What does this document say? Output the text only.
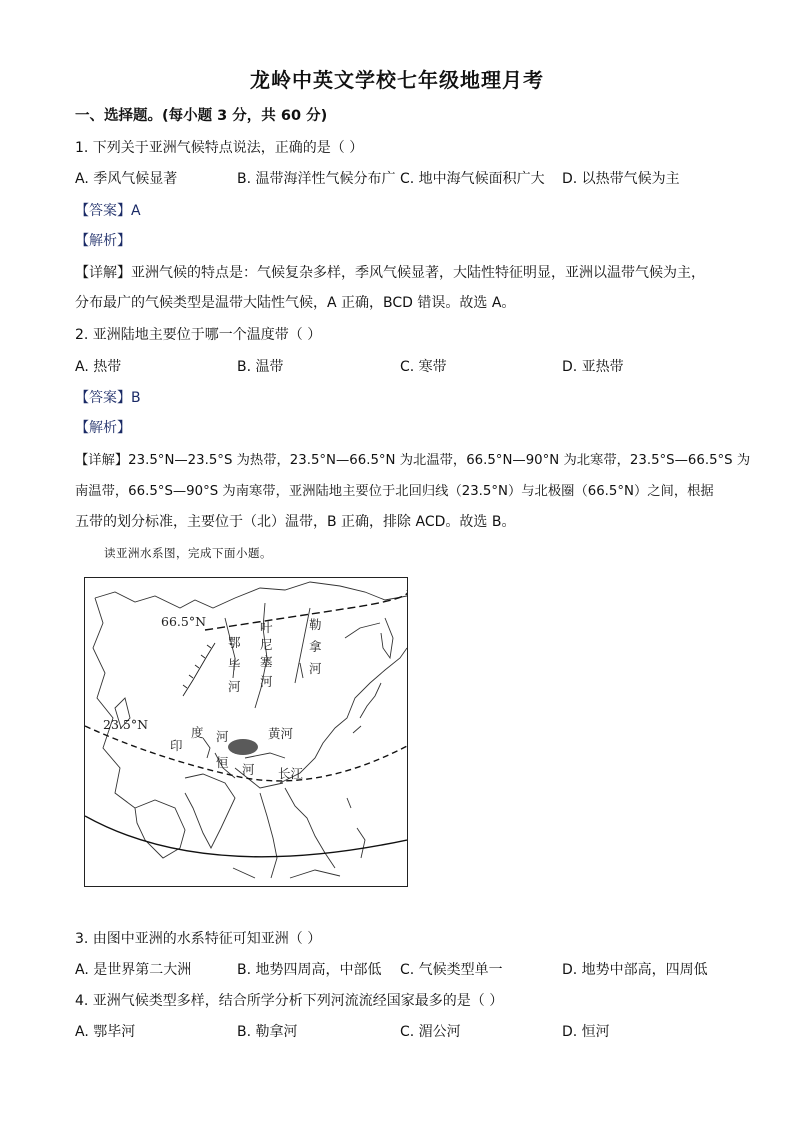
龙岭中英文学校七年级地理月考
一、选择题。(每小题 3 分，共 60 分)
1. 下列关于亚洲气候特点说法，正确的是（ ）
A. 季风气候显著	B. 温带海洋性气候分布广 C. 地中海气候面积广大 D. 以热带气候为主
【答案】A
【解析】
【详解】亚洲气候的特点是：气候复杂多样，季风气候显著，大陆性特征明显，亚洲以温带气候为主，
分布最广的气候类型是温带大陆性气候，A 正确，BCD 错误。故选 A。
2. 亚洲陆地主要位于哪一个温度带（ ）
A. 热带	B. 温带	C. 寒带	D. 亚热带
【答案】B
【解析】
【详解】23.5°N—23.5°S 为热带，23.5°N—66.5°N 为北温带，66.5°N—90°N 为北寒带，23.5°S—66.5°S 为
南温带，66.5°S—90°S 为南寒带，亚洲陆地主要位于北回归线（23.5°N）与北极圈（66.5°N）之间，根据
五带的划分标准，主要位于（北）温带，B 正确，排除 ACD。故选 B。
读亚洲水系图，完成下面小题。
66.5°N
23.5°N
鄂
毕
河
叶
尼
塞
河
勒
拿
河
印
度 河
恒 河
黄河
长江
3. 由图中亚洲的水系特征可知亚洲（ ）
A. 是世界第二大洲	B. 地势四周高，中部低 C. 气候类型单一	D. 地势中部高，四周低
4. 亚洲气候类型多样，结合所学分析下列河流流经国家最多的是（ ）
A. 鄂毕河	B. 勒拿河	C. 湄公河	D. 恒河
